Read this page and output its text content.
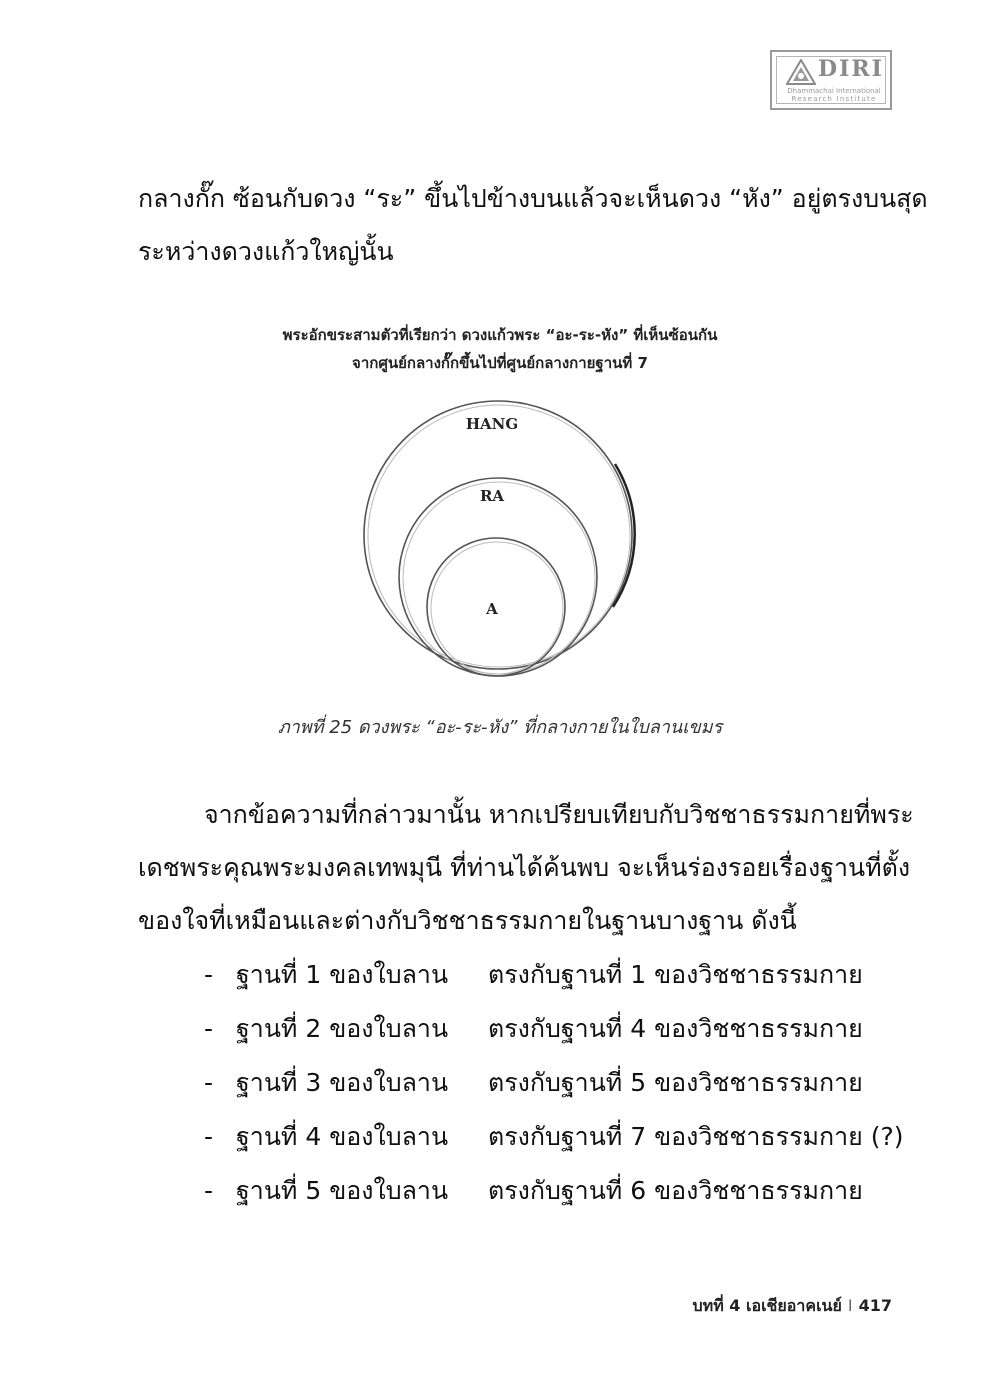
DIRI
Dhammachai International
Research Institute
กลางกั๊ก ซ้อนกับดวง “ระ” ขึ้นไปข้างบนแล้วจะเห็นดวง “หัง” อยู่ตรงบนสุด
ระหว่างดวงแก้วใหญ่นั้น
พระอักขระสามตัวที่เรียกว่า ดวงแก้วพระ “อะ-ระ-หัง” ที่เห็นซ้อนกัน
จากศูนย์กลางกั๊กขึ้นไปที่ศูนย์กลางกายฐานที่ 7
HANG
RA
A
ภาพที่ 25 ดวงพระ “อะ-ระ-หัง” ที่กลางกายในใบลานเขมร
จากข้อความที่กล่าวมานั้น หากเปรียบเทียบกับวิชชาธรรมกายที่พระ
เดชพระคุณพระมงคลเทพมุนี ที่ท่านได้ค้นพบ จะเห็นร่องรอยเรื่องฐานที่ตั้ง
ของใจที่เหมือนและต่างกับวิชชาธรรมกายในฐานบางฐาน ดังนี้
- ฐานที่ 1 ของใบลาน ตรงกับฐานที่ 1 ของวิชชาธรรมกาย
- ฐานที่ 2 ของใบลาน ตรงกับฐานที่ 4 ของวิชชาธรรมกาย
- ฐานที่ 3 ของใบลาน ตรงกับฐานที่ 5 ของวิชชาธรรมกาย
- ฐานที่ 4 ของใบลาน ตรงกับฐานที่ 7 ของวิชชาธรรมกาย (?)
- ฐานที่ 5 ของใบลาน ตรงกับฐานที่ 6 ของวิชชาธรรมกาย
บทที่ 4 เอเชียอาคเนย์ I 417
